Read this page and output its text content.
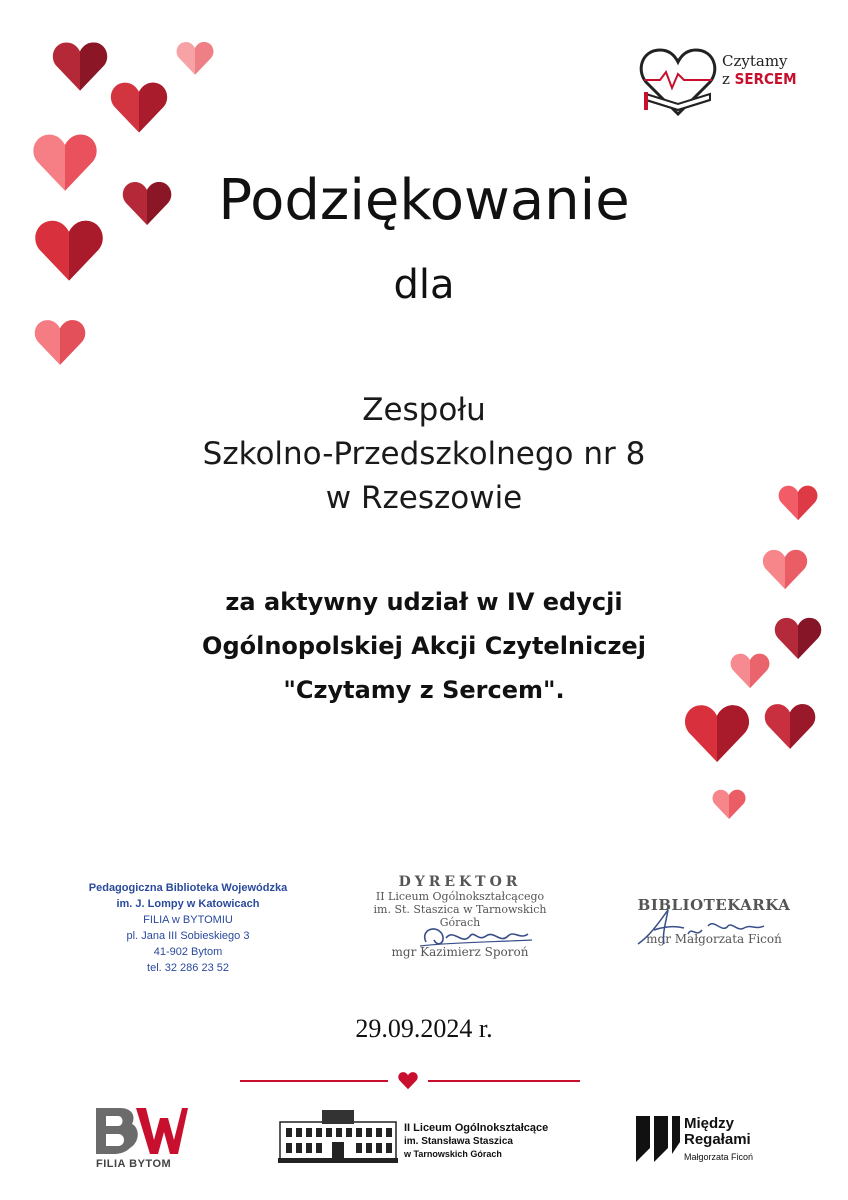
Czytamy
z SERCEM
Podziękowanie
dla
Zespołu
Szkolno-Przedszkolnego nr 8
w Rzeszowie
za aktywny udział w IV edycji
Ogólnopolskiej Akcji Czytelniczej
"Czytamy z Sercem".
Pedagogiczna Biblioteka Wojewódzka
im. J. Lompy w Katowicach
FILIA w BYTOMIU
pl. Jana III Sobieskiego 3
41-902 Bytom
tel. 32 286 23 52
DYREKTOR
II Liceum Ogólnokształcącego
im. St. Staszica w Tarnowskich Górach
mgr Kazimierz Sporoń
BIBLIOTEKARKA
mgr Małgorzata Ficoń
29.09.2024 r.
FILIA BYTOM
II Liceum Ogólnokształcące
im. Stansława Staszica
w Tarnowskich Górach
Między
Regałami
Małgorzata Ficoń
